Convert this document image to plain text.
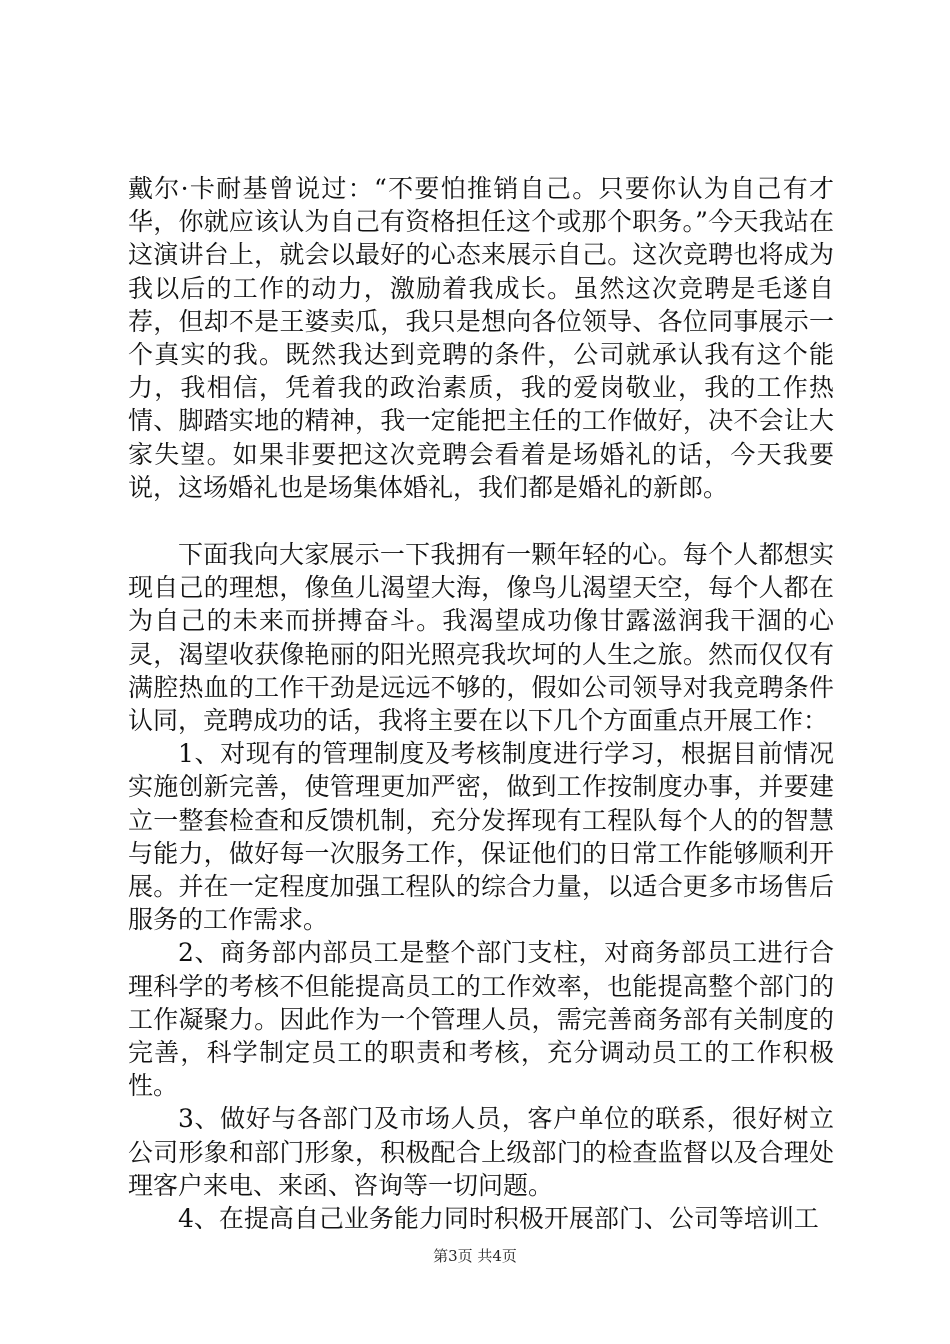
戴尔·卡耐基曾说过：“不要怕推销自己。只要你认为自己有才华，你就应该认为自己有资格担任这个或那个职务。”今天我站在这演讲台上，就会以最好的心态来展示自己。这次竞聘也将成为我以后的工作的动力，激励着我成长。虽然这次竞聘是毛遂自荐，但却不是王婆卖瓜，我只是想向各位领导、各位同事展示一个真实的我。既然我达到竞聘的条件，公司就承认我有这个能力，我相信，凭着我的政治素质，我的爱岗敬业，我的工作热情、脚踏实地的精神，我一定能把主任的工作做好，决不会让大家失望。如果非要把这次竞聘会看着是场婚礼的话，今天我要说，这场婚礼也是场集体婚礼，我们都是婚礼的新郎。

下面我向大家展示一下我拥有一颗年轻的心。每个人都想实现自己的理想，像鱼儿渴望大海，像鸟儿渴望天空，每个人都在为自己的未来而拼搏奋斗。我渴望成功像甘露滋润我干涸的心灵，渴望收获像艳丽的阳光照亮我坎坷的人生之旅。然而仅仅有满腔热血的工作干劲是远远不够的，假如公司领导对我竞聘条件认同，竞聘成功的话，我将主要在以下几个方面重点开展工作：

1、对现有的管理制度及考核制度进行学习，根据目前情况实施创新完善，使管理更加严密，做到工作按制度办事，并要建立一整套检查和反馈机制，充分发挥现有工程队每个人的的智慧与能力，做好每一次服务工作，保证他们的日常工作能够顺利开展。并在一定程度加强工程队的综合力量，以适合更多市场售后服务的工作需求。

2、商务部内部员工是整个部门支柱，对商务部员工进行合理科学的考核不但能提高员工的工作效率，也能提高整个部门的工作凝聚力。因此作为一个管理人员，需完善商务部有关制度的完善，科学制定员工的职责和考核，充分调动员工的工作积极性。

3、做好与各部门及市场人员，客户单位的联系，很好树立公司形象和部门形象，积极配合上级部门的检查监督以及合理处理客户来电、来函、咨询等一切问题。

4、在提高自己业务能力同时积极开展部门、公司等培训工

第3页 共4页
